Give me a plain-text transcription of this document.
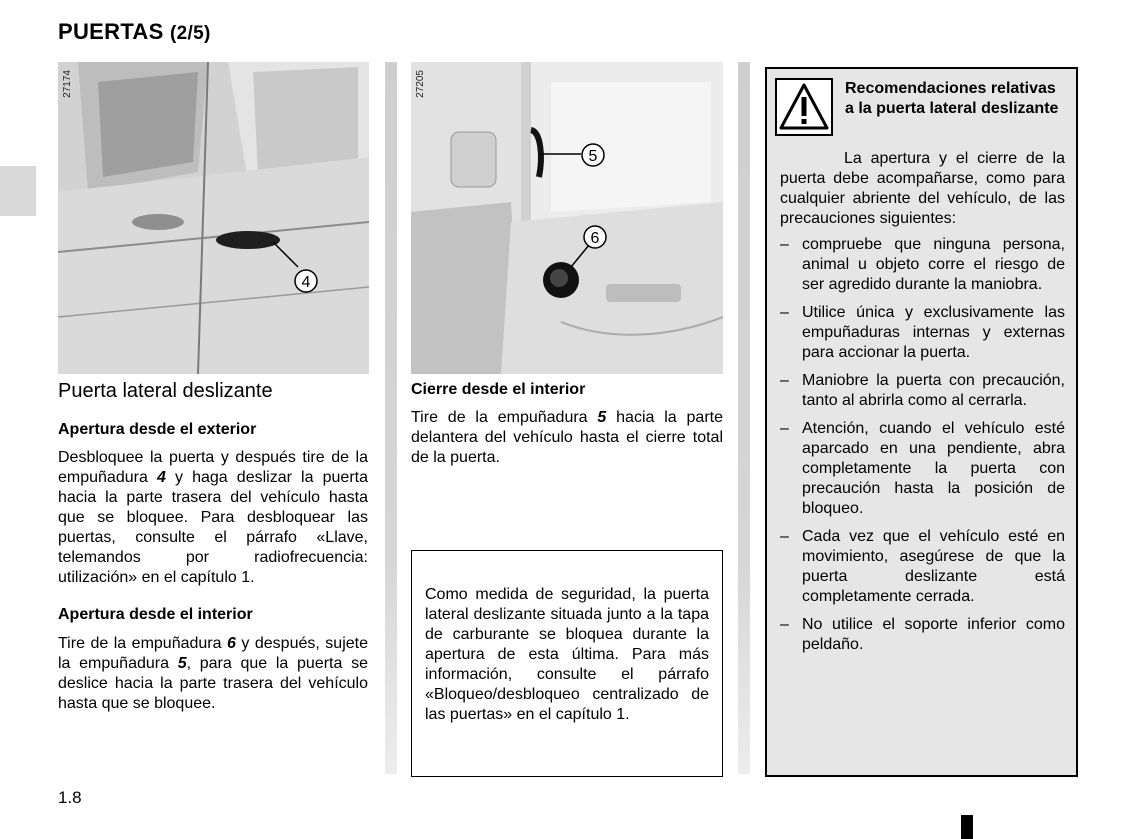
PUERTAS (2/5)
4
27174
5
6
27205
Puerta lateral deslizante
Apertura desde el exterior
Desbloquee la puerta y después tire de la empuñadura 4 y haga deslizar la puerta hacia la parte trasera del vehículo hasta que se bloquee. Para desbloquear las puertas, consulte el párrafo «Llave, telemandos por radiofrecuencia: utilización» en el capítulo 1.
Apertura desde el interior
Tire de la empuñadura 6 y después, sujete la empuñadura 5, para que la puerta se deslice hacia la parte trasera del vehículo hasta que se bloquee.
Cierre desde el interior
Tire de la empuñadura 5 hacia la parte delantera del vehículo hasta el cierre total de la puerta.
Como medida de seguridad, la puerta lateral deslizante situada junto a la tapa de carburante se bloquea durante la apertura de esta última. Para más información, consulte el párrafo «Bloqueo/desbloqueo centralizado de las puertas» en el capítulo 1.
Recomendaciones relativas a la puerta lateral deslizante
La apertura y el cierre de la puerta debe acompañarse, como para cualquier abriente del vehículo, de las precauciones siguientes:
– compruebe que ninguna persona, animal u objeto corre el riesgo de ser agredido durante la maniobra.
– Utilice única y exclusivamente las empuñaduras internas y externas para accionar la puerta.
– Maniobre la puerta con precaución, tanto al abrirla como al cerrarla.
– Atención, cuando el vehículo esté aparcado en una pendiente, abra completamente la puerta con precaución hasta la posición de bloqueo.
– Cada vez que el vehículo esté en movimiento, asegúrese de que la puerta deslizante está completamente cerrada.
– No utilice el soporte inferior como peldaño.
1.8
